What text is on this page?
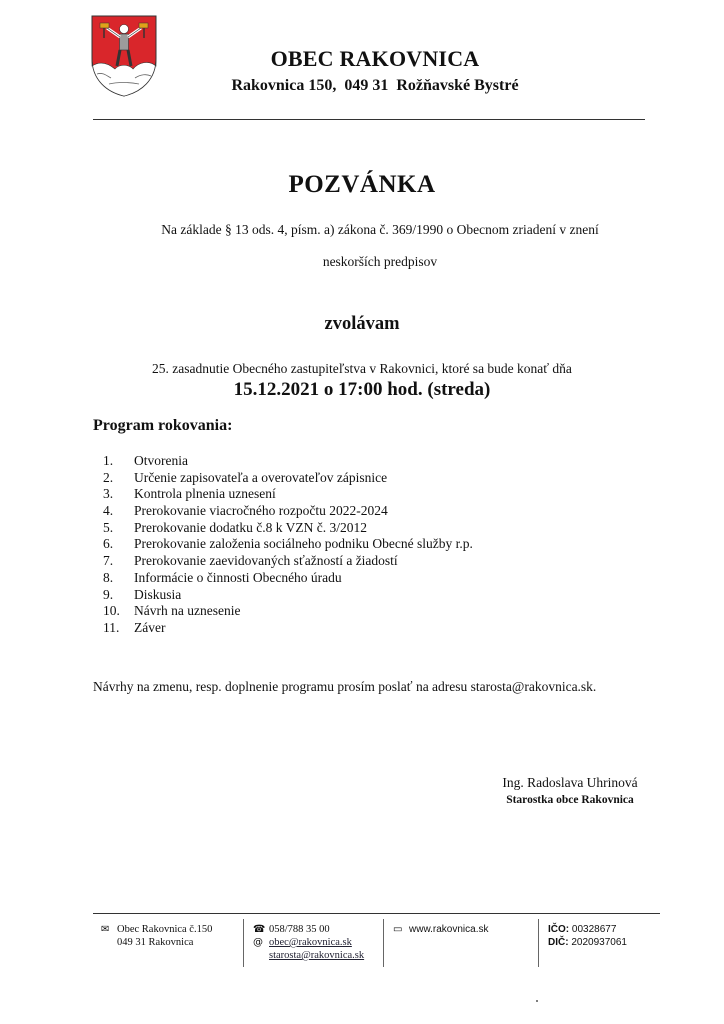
OBEC RAKOVNICA
Rakovnica 150,  049 31  Rožňavské Bystré
POZVÁNKA
Na základe § 13 ods. 4, písm. a) zákona č. 369/1990 o Obecnom zriadení v znení
neskorších predpisov
zvolávam
25. zasadnutie Obecného zastupiteľstva v Rakovnici, ktoré sa bude konať dňa
15.12.2021 o 17:00 hod. (streda)
Program rokovania:
1. Otvorenia
2. Určenie zapisovateľa a overovateľov zápisnice
3. Kontrola plnenia uznesení
4. Prerokovanie viacročného rozpočtu 2022-2024
5. Prerokovanie dodatku č.8 k VZN č. 3/2012
6. Prerokovanie založenia sociálneho podniku Obecné služby r.p.
7. Prerokovanie zaevidovaných sťažností a žiadostí
8. Informácie o činnosti Obecného úradu
9. Diskusia
10. Návrh na uznesenie
11. Záver
Návrhy na zmenu, resp. doplnenie programu prosím poslať na adresu starosta@rakovnica.sk.
Ing. Radoslava Uhrinová
Starostka obce Rakovnica
✉ Obec Rakovnica č.150
049 31 Rakovnica
☎ 058/788 35 00
@ obec@rakovnica.sk
starosta@rakovnica.sk
▭ www.rakovnica.sk	IČO: 00328677
DIČ: 2020937061
